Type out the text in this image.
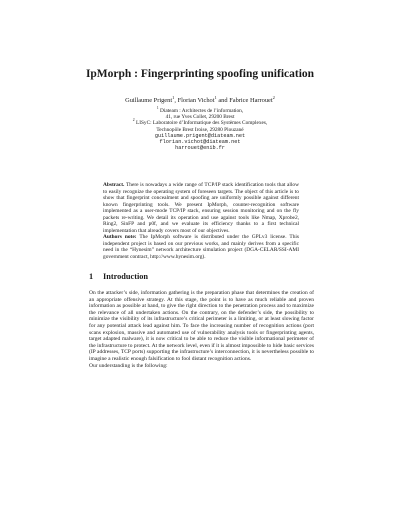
IpMorph : Fingerprinting spoofing unification
Guillaume Prigent$^1$, Florian Vichot$^1$ and Fabrice Harrouet$^2$
$^1$ Diateam : Architectes de l’information,
41, rue Yves Collet, 29200 Brest
$^2$ LISyC: Laboratoire d’Informatique des Systèmes Complexes,
Technopôle Brest Iroise, 29280 Plouzané
guillaume.prigent@diateam.net
florian.vichot@diateam.net
harrouet@enib.fr

Abstract. There is nowadays a wide range of TCP/IP stack identification tools that allow to easily recognize the operating system of foreseen targets. The object of this article is to show that fingerprint concealment and spoofing are uniformly possible against different known fingerprinting tools. We present IpMorph, counter-recognition software implemented as a user-mode TCP/IP stack, ensuring session monitoring and on the fly packets re-writing. We detail its operation and use against tools like Nmap, Xprobe2, Ring2, SinFP and p0f, and we evaluate its efficiency thanks to a first technical implementation that already covers most of our objectives.

Authors note: The IpMorph software is distributed under the GPLv3 license. This independent project is based on our previous works, and mainly derives from a specific need in the “Hynesim” network architecture simulation project (DGA-CELAR/SSI-AMI government contract, http://www.hynesim.org).

1 Introduction

On the attacker’s side, information gathering is the preparation phase that determines the creation of an appropriate offensive strategy. At this stage, the point is to have as much reliable and proven information as possible at hand, to give the right direction to the penetration process and to maximize the relevance of all undertaken actions. On the contrary, on the defender’s side, the possibility to minimize the visibility of its infrastructure’s critical perimeter is a limiting, or at least slowing factor for any potential attack lead against him. To face the increasing number of recognition actions (port scans explosion, massive and automated use of vulnerability analysis tools or fingerprinting agents, target adapted malware), it is now critical to be able to reduce the visible informational perimeter of the infrastructure to protect. At the network level, even if it is almost impossible to hide basic services (IP addresses, TCP ports) supporting the infrastructure’s interconnection, it is nevertheless possible to imagine a realistic enough falsification to fool distant recognition actions.

Our understanding is the following:
